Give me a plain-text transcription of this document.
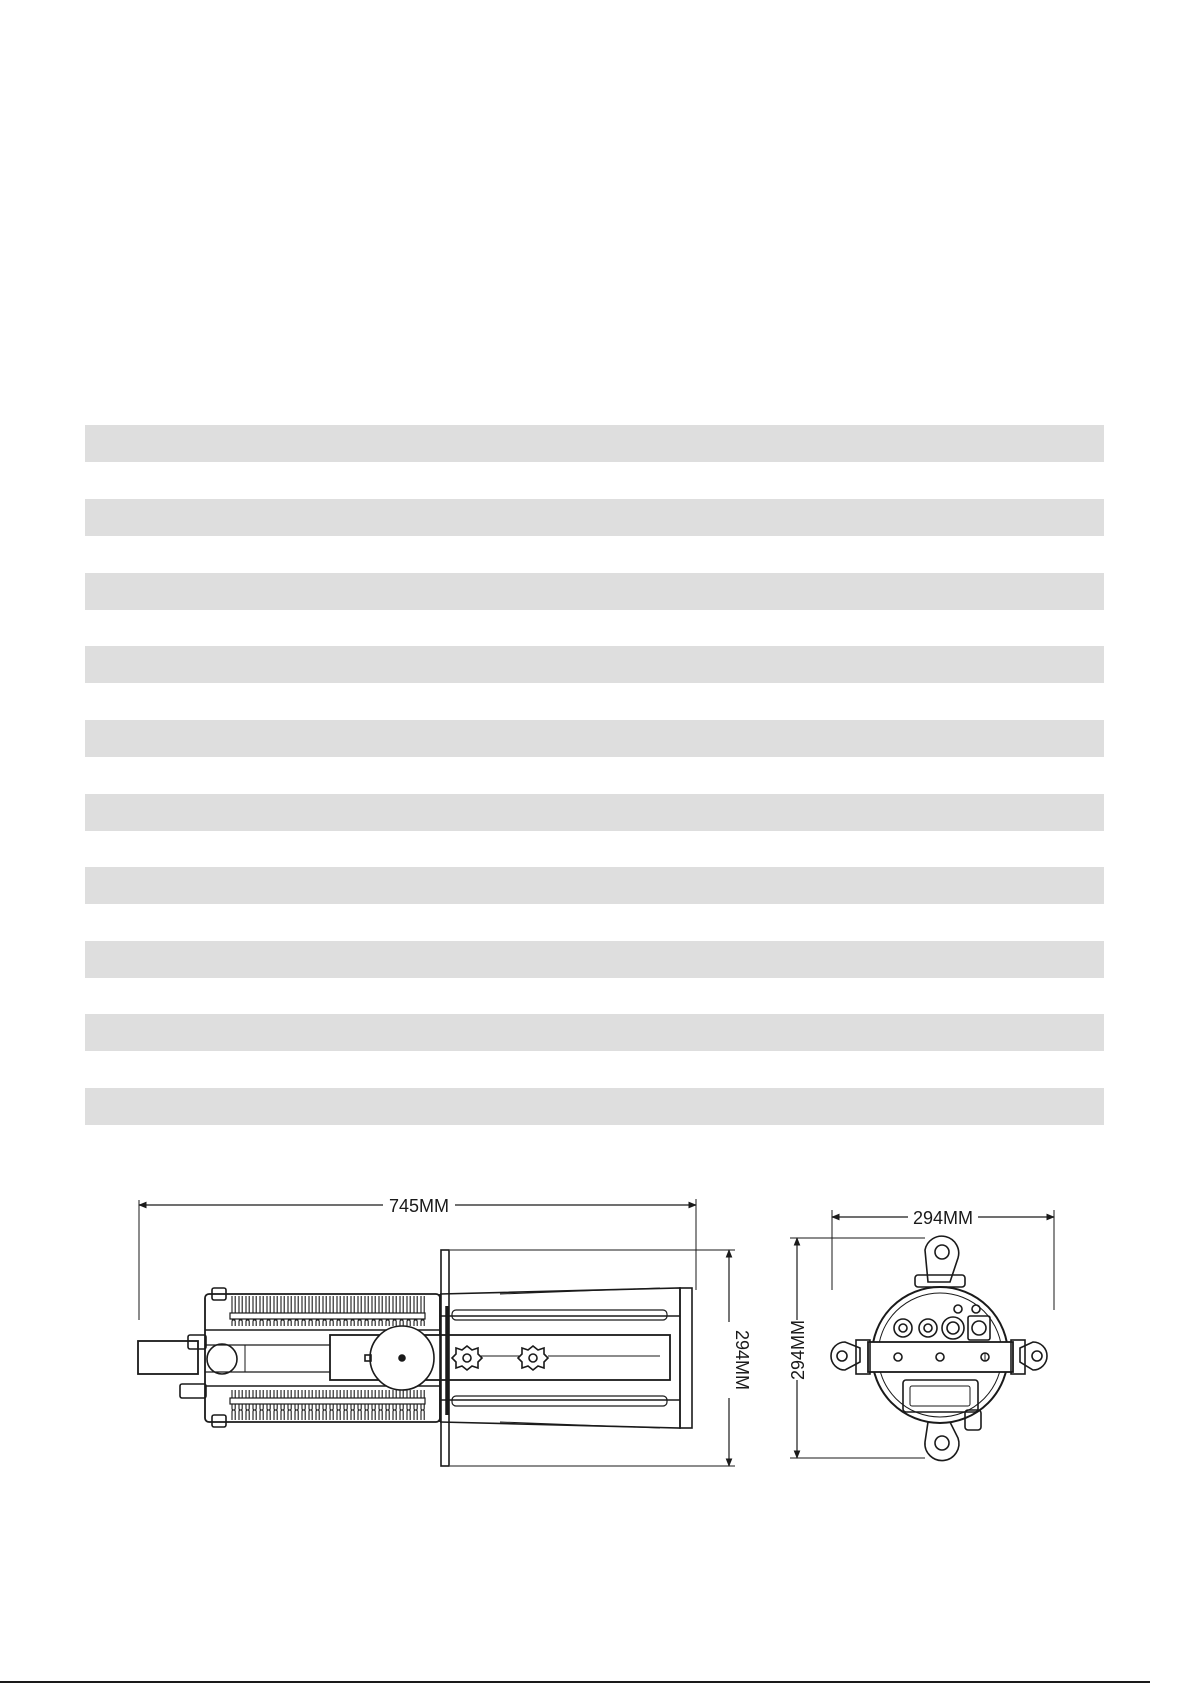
745MM
294MM
294MM
294MM
